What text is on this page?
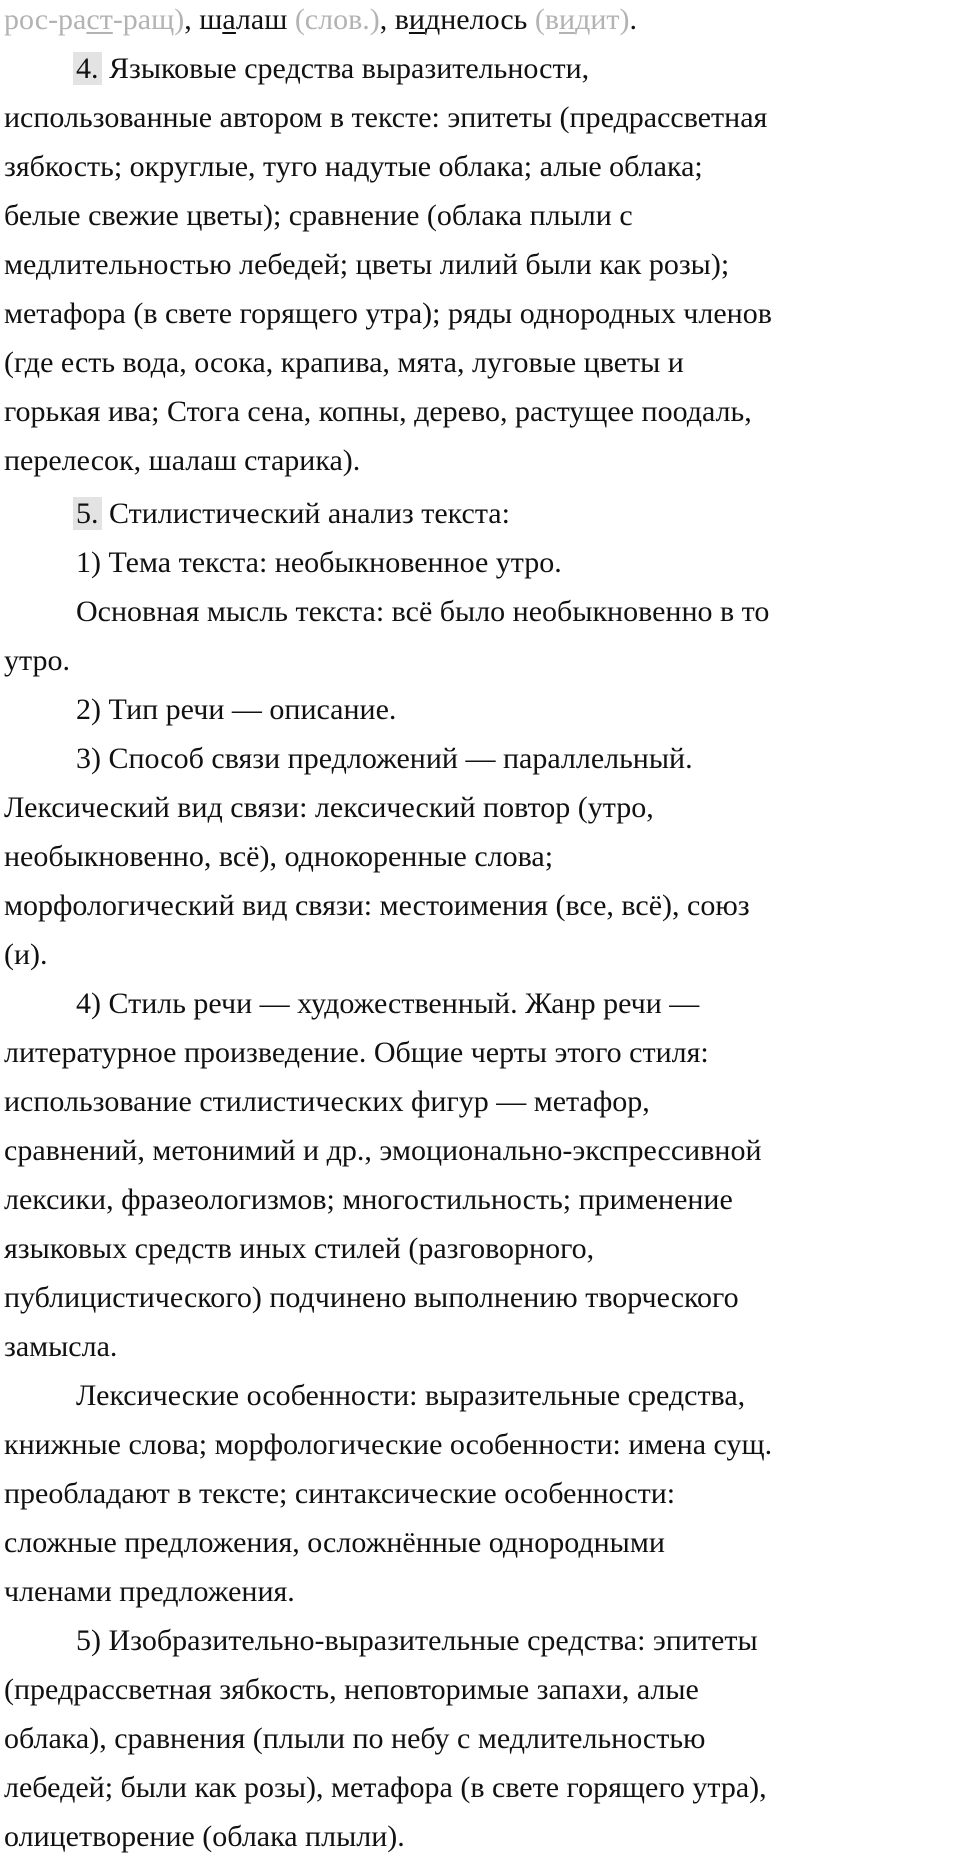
рос-раст-ращ), шалаш (слов.), виднелось (видит).
4. Языковые средства выразительности,
использованные автором в тексте: эпитеты (предрассветная
зябкость; округлые, туго надутые облака; алые облака;
белые свежие цветы); сравнение (облака плыли с
медлительностью лебедей; цветы лилий были как розы);
метафора (в свете горящего утра); ряды однородных членов
(где есть вода, осока, крапива, мята, луговые цветы и
горькая ива; Стога сена, копны, дерево, растущее поодаль,
перелесок, шалаш старика).
5. Стилистический анализ текста:
1) Тема текста: необыкновенное утро.
Основная мысль текста: всё было необыкновенно в то
утро.
2) Тип речи — описание.
3) Способ связи предложений — параллельный.
Лексический вид связи: лексический повтор (утро,
необыкновенно, всё), однокоренные слова;
морфологический вид связи: местоимения (все, всё), союз
(и).
4) Стиль речи — художественный. Жанр речи —
литературное произведение. Общие черты этого стиля:
использование стилистических фигур — метафор,
сравнений, метонимий и др., эмоционально-экспрессивной
лексики, фразеологизмов; многостильность; применение
языковых средств иных стилей (разговорного,
публицистического) подчинено выполнению творческого
замысла.
Лексические особенности: выразительные средства,
книжные слова; морфологические особенности: имена сущ.
преобладают в тексте; синтаксические особенности:
сложные предложения, осложнённые однородными
членами предложения.
5) Изобразительно-выразительные средства: эпитеты
(предрассветная зябкость, неповторимые запахи, алые
облака), сравнения (плыли по небу с медлительностью
лебедей; были как розы), метафора (в свете горящего утра),
олицетворение (облака плыли).
